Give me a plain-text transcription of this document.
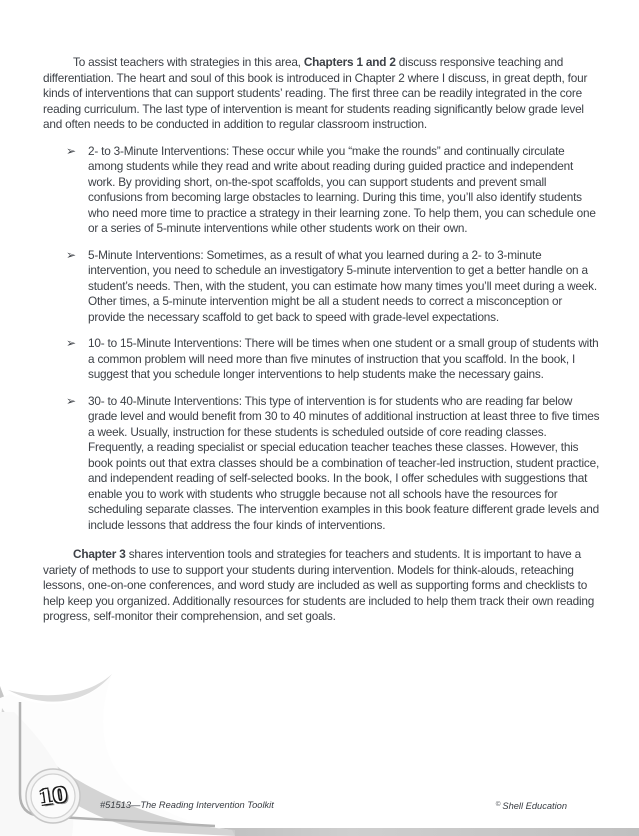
To assist teachers with strategies in this area, Chapters 1 and 2 discuss responsive teaching and differentiation. The heart and soul of this book is introduced in Chapter 2 where I discuss, in great depth, four kinds of interventions that can support students’ reading. The first three can be readily integrated in the core reading curriculum. The last type of intervention is meant for students reading significantly below grade level and often needs to be conducted in addition to regular classroom instruction.

➢	2- to 3-Minute Interventions: These occur while you “make the rounds” and continually circulate among students while they read and write about reading during guided practice and independent work. By providing short, on-the-spot scaffolds, you can support students and prevent small confusions from becoming large obstacles to learning. During this time, you’ll also identify students who need more time to practice a strategy in their learning zone. To help them, you can schedule one or a series of 5-minute interventions while other students work on their own.
➢	5-Minute Interventions: Sometimes, as a result of what you learned during a 2- to 3-minute intervention, you need to schedule an investigatory 5-minute intervention to get a better handle on a student’s needs. Then, with the student, you can estimate how many times you’ll meet during a week. Other times, a 5-minute intervention might be all a student needs to correct a misconception or provide the necessary scaffold to get back to speed with grade-level expectations.
➢	10- to 15-Minute Interventions: There will be times when one student or a small group of students with a common problem will need more than five minutes of instruction that you scaffold. In the book, I suggest that you schedule longer interventions to help students make the necessary gains.
➢	30- to 40-Minute Interventions: This type of intervention is for students who are reading far below grade level and would benefit from 30 to 40 minutes of additional instruction at least three to five times a week. Usually, instruction for these students is scheduled outside of core reading classes. Frequently, a reading specialist or special education teacher teaches these classes. However, this book points out that extra classes should be a combination of teacher-led instruction, student practice, and independent reading of self-selected books. In the book, I offer schedules with suggestions that enable you to work with students who struggle because not all schools have the resources for scheduling separate classes. The intervention examples in this book feature different grade levels and include lessons that address the four kinds of interventions.

Chapter 3 shares intervention tools and strategies for teachers and students. It is important to have a variety of methods to use to support your students during intervention. Models for think-alouds, reteaching lessons, one-on-one conferences, and word study are included as well as supporting forms and checklists to help keep you organized. Additionally resources for students are included to help them track their own reading progress, self-monitor their comprehension, and set goals.

10	#51513—The Reading Intervention Toolkit	© Shell Education
